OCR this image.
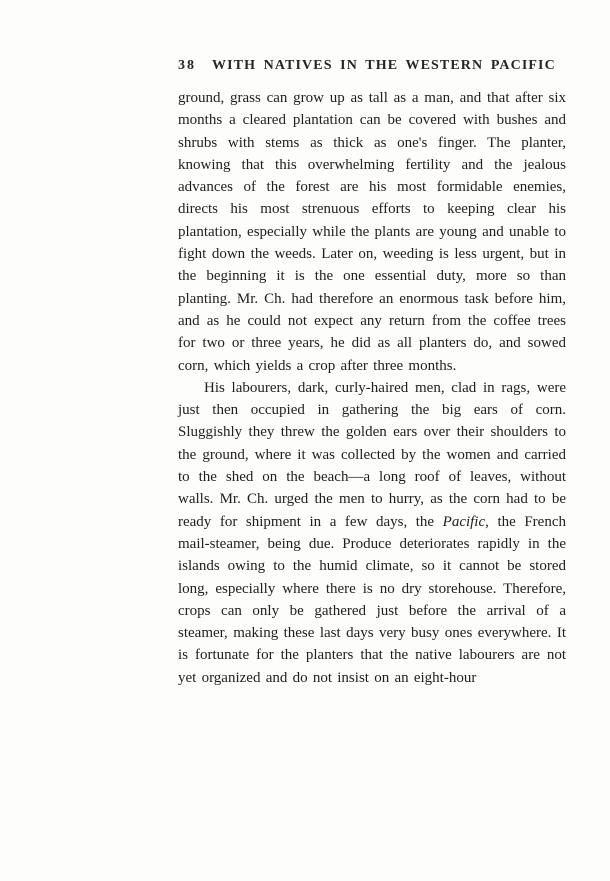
38 WITH NATIVES IN THE WESTERN PACIFIC

ground, grass can grow up as tall as a man, and that after six months a cleared plantation can be covered with bushes and shrubs with stems as thick as one's finger. The planter, knowing that this overwhelming fertility and the jealous advances of the forest are his most formidable enemies, directs his most strenuous efforts to keeping clear his plantation, especially while the plants are young and unable to fight down the weeds. Later on, weeding is less urgent, but in the beginning it is the one essential duty, more so than planting. Mr. Ch. had therefore an enormous task before him, and as he could not expect any return from the coffee trees for two or three years, he did as all planters do, and sowed corn, which yields a crop after three months.

His labourers, dark, curly-haired men, clad in rags, were just then occupied in gathering the big ears of corn. Sluggishly they threw the golden ears over their shoulders to the ground, where it was collected by the women and carried to the shed on the beach—a long roof of leaves, without walls. Mr. Ch. urged the men to hurry, as the corn had to be ready for shipment in a few days, the Pacific, the French mail-steamer, being due. Produce deteriorates rapidly in the islands owing to the humid climate, so it cannot be stored long, especially where there is no dry storehouse. Therefore, crops can only be gathered just before the arrival of a steamer, making these last days very busy ones everywhere. It is fortunate for the planters that the native labourers are not yet organized and do not insist on an eight-hour
